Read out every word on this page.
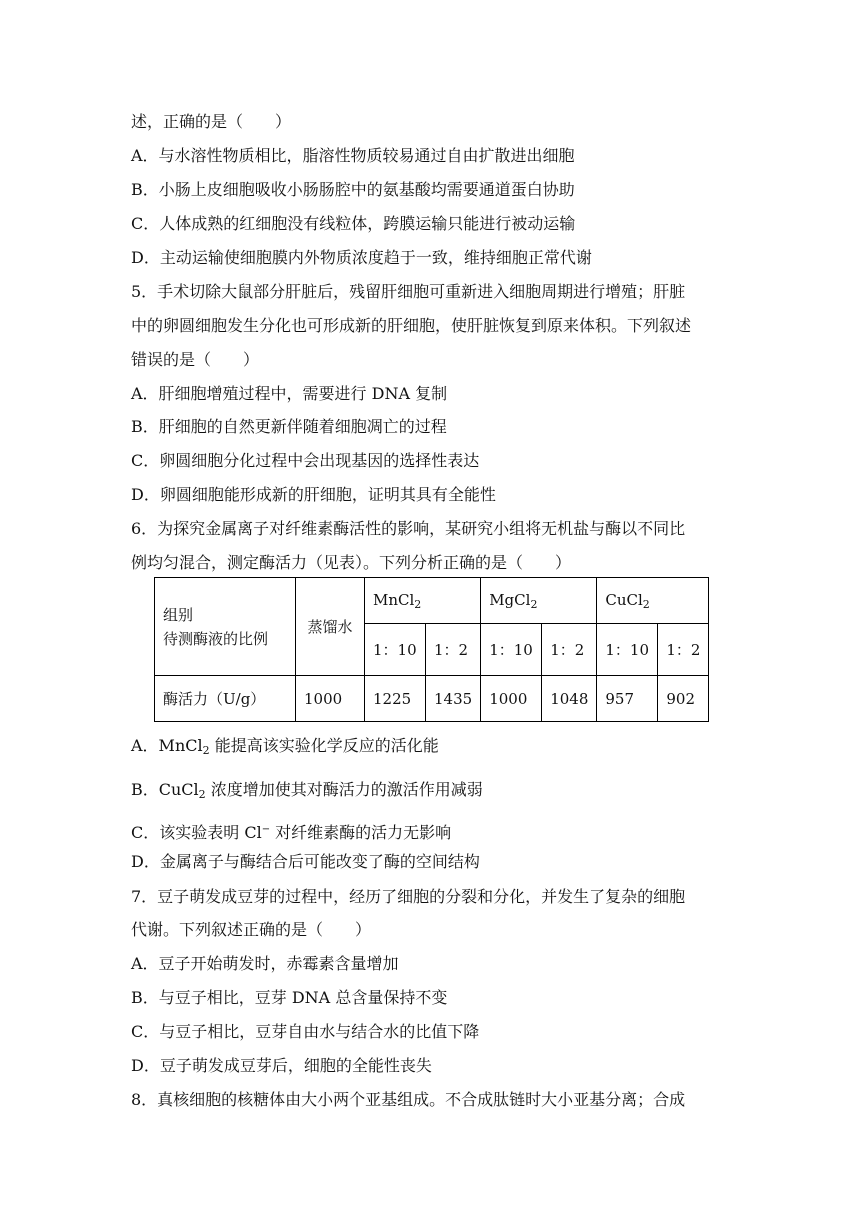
述，正确的是（　　）
A．与水溶性物质相比，脂溶性物质较易通过自由扩散进出细胞
B．小肠上皮细胞吸收小肠肠腔中的氨基酸均需要通道蛋白协助
C．人体成熟的红细胞没有线粒体，跨膜运输只能进行被动运输
D．主动运输使细胞膜内外物质浓度趋于一致，维持细胞正常代谢
5．手术切除大鼠部分肝脏后，残留肝细胞可重新进入细胞周期进行增殖；肝脏
中的卵圆细胞发生分化也可形成新的肝细胞，使肝脏恢复到原来体积。下列叙述
错误的是（　　）
A．肝细胞增殖过程中，需要进行 DNA 复制
B．肝细胞的自然更新伴随着细胞凋亡的过程
C．卵圆细胞分化过程中会出现基因的选择性表达
D．卵圆细胞能形成新的肝细胞，证明其具有全能性
6．为探究金属离子对纤维素酶活性的影响，某研究小组将无机盐与酶以不同比
例均匀混合，测定酶活力（见表）。下列分析正确的是（　　）
组别
待测酶液的比例	蒸馏水	MnCl$_2$		MgCl$_2$		CuCl$_2$
		1：10	1：2	1：10	1：2	1：10	1：2
酶活力（U/g）	1000	1225	1435	1000	1048	957	902
A．MnCl$_2$ 能提高该实验化学反应的活化能
B．CuCl$_2$ 浓度增加使其对酶活力的激活作用减弱
C．该实验表明 Cl− 对纤维素酶的活力无影响
D．金属离子与酶结合后可能改变了酶的空间结构
7．豆子萌发成豆芽的过程中，经历了细胞的分裂和分化，并发生了复杂的细胞
代谢。下列叙述正确的是（　　）
A．豆子开始萌发时，赤霉素含量增加
B．与豆子相比，豆芽 DNA 总含量保持不变
C．与豆子相比，豆芽自由水与结合水的比值下降
D．豆子萌发成豆芽后，细胞的全能性丧失
8．真核细胞的核糖体由大小两个亚基组成。不合成肽链时大小亚基分离；合成
